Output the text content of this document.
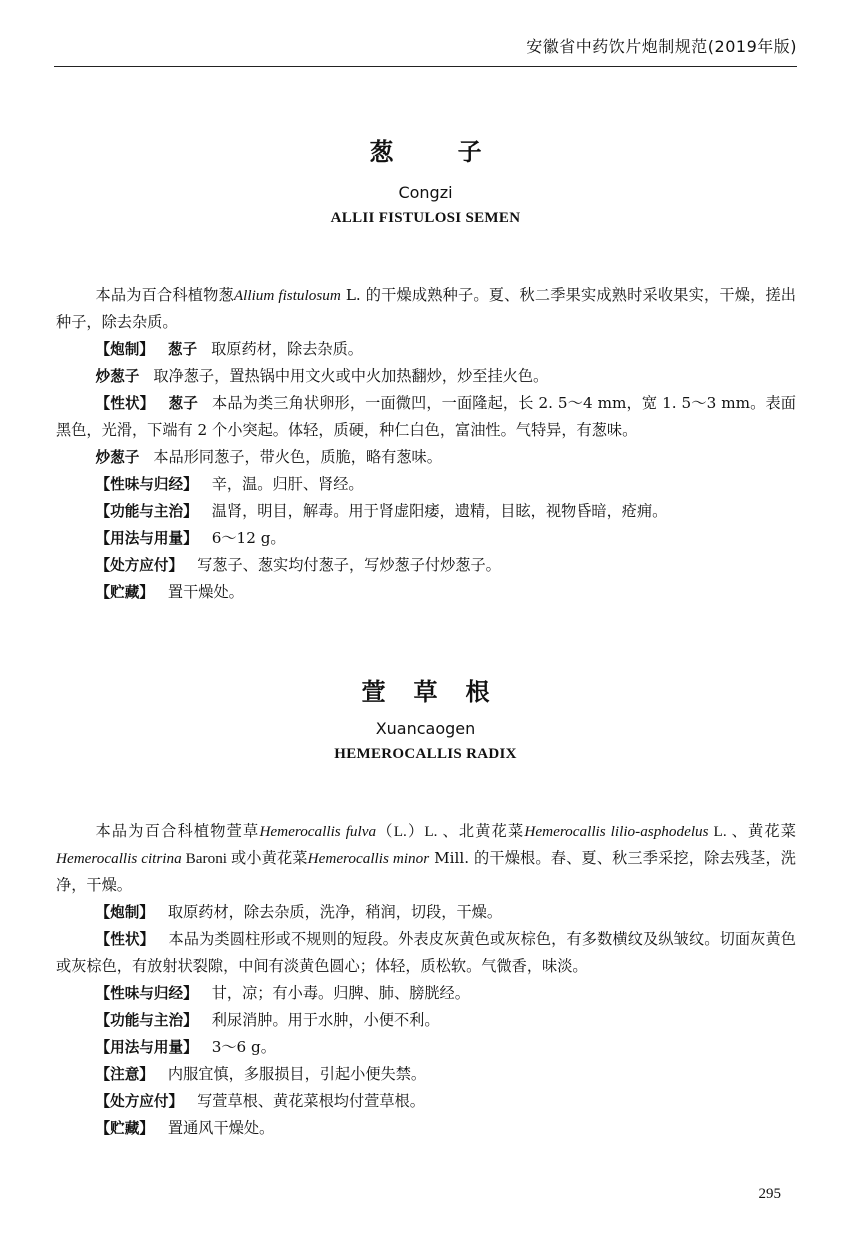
安徽省中药饮片炮制规范(2019年版)
葱 子
Congzi
ALLII FISTULOSI SEMEN

本品为百合科植物葱Allium fistulosum L. 的干燥成熟种子。夏、秋二季果实成熟时采收果实，干燥，搓出种子，除去杂质。

【炮制】 葱子 取原药材，除去杂质。

炒葱子 取净葱子，置热锅中用文火或中火加热翻炒，炒至挂火色。

【性状】 葱子 本品为类三角状卵形，一面微凹，一面隆起，长 2. 5～4 mm，宽 1. 5～3 mm。表面黑色，光滑，下端有 2 个小突起。体轻，质硬，种仁白色，富油性。气特异，有葱味。

炒葱子 本品形同葱子，带火色，质脆，略有葱味。

【性味与归经】 辛，温。归肝、肾经。

【功能与主治】 温肾，明目，解毒。用于肾虚阳痿，遗精，目眩，视物昏暗，疮痈。

【用法与用量】 6～12 g。

【处方应付】 写葱子、葱实均付葱子，写炒葱子付炒葱子。

【贮藏】 置干燥处。

萱草根
Xuancaogen
HEMEROCALLIS RADIX

本品为百合科植物萱草Hemerocallis fulva（L.）L. 、北黄花菜Hemerocallis lilio-asphodelus L. 、黄花菜Hemerocallis citrina Baroni 或小黄花菜Hemerocallis minor Mill. 的干燥根。春、夏、秋三季采挖，除去残茎，洗净，干燥。

【炮制】 取原药材，除去杂质，洗净，稍润，切段，干燥。

【性状】 本品为类圆柱形或不规则的短段。外表皮灰黄色或灰棕色，有多数横纹及纵皱纹。切面灰黄色或灰棕色，有放射状裂隙，中间有淡黄色圆心；体轻，质松软。气微香，味淡。

【性味与归经】 甘，凉；有小毒。归脾、肺、膀胱经。

【功能与主治】 利尿消肿。用于水肿，小便不利。

【用法与用量】 3～6 g。

【注意】 内服宜慎，多服损目，引起小便失禁。

【处方应付】 写萱草根、黄花菜根均付萱草根。

【贮藏】 置通风干燥处。

295
